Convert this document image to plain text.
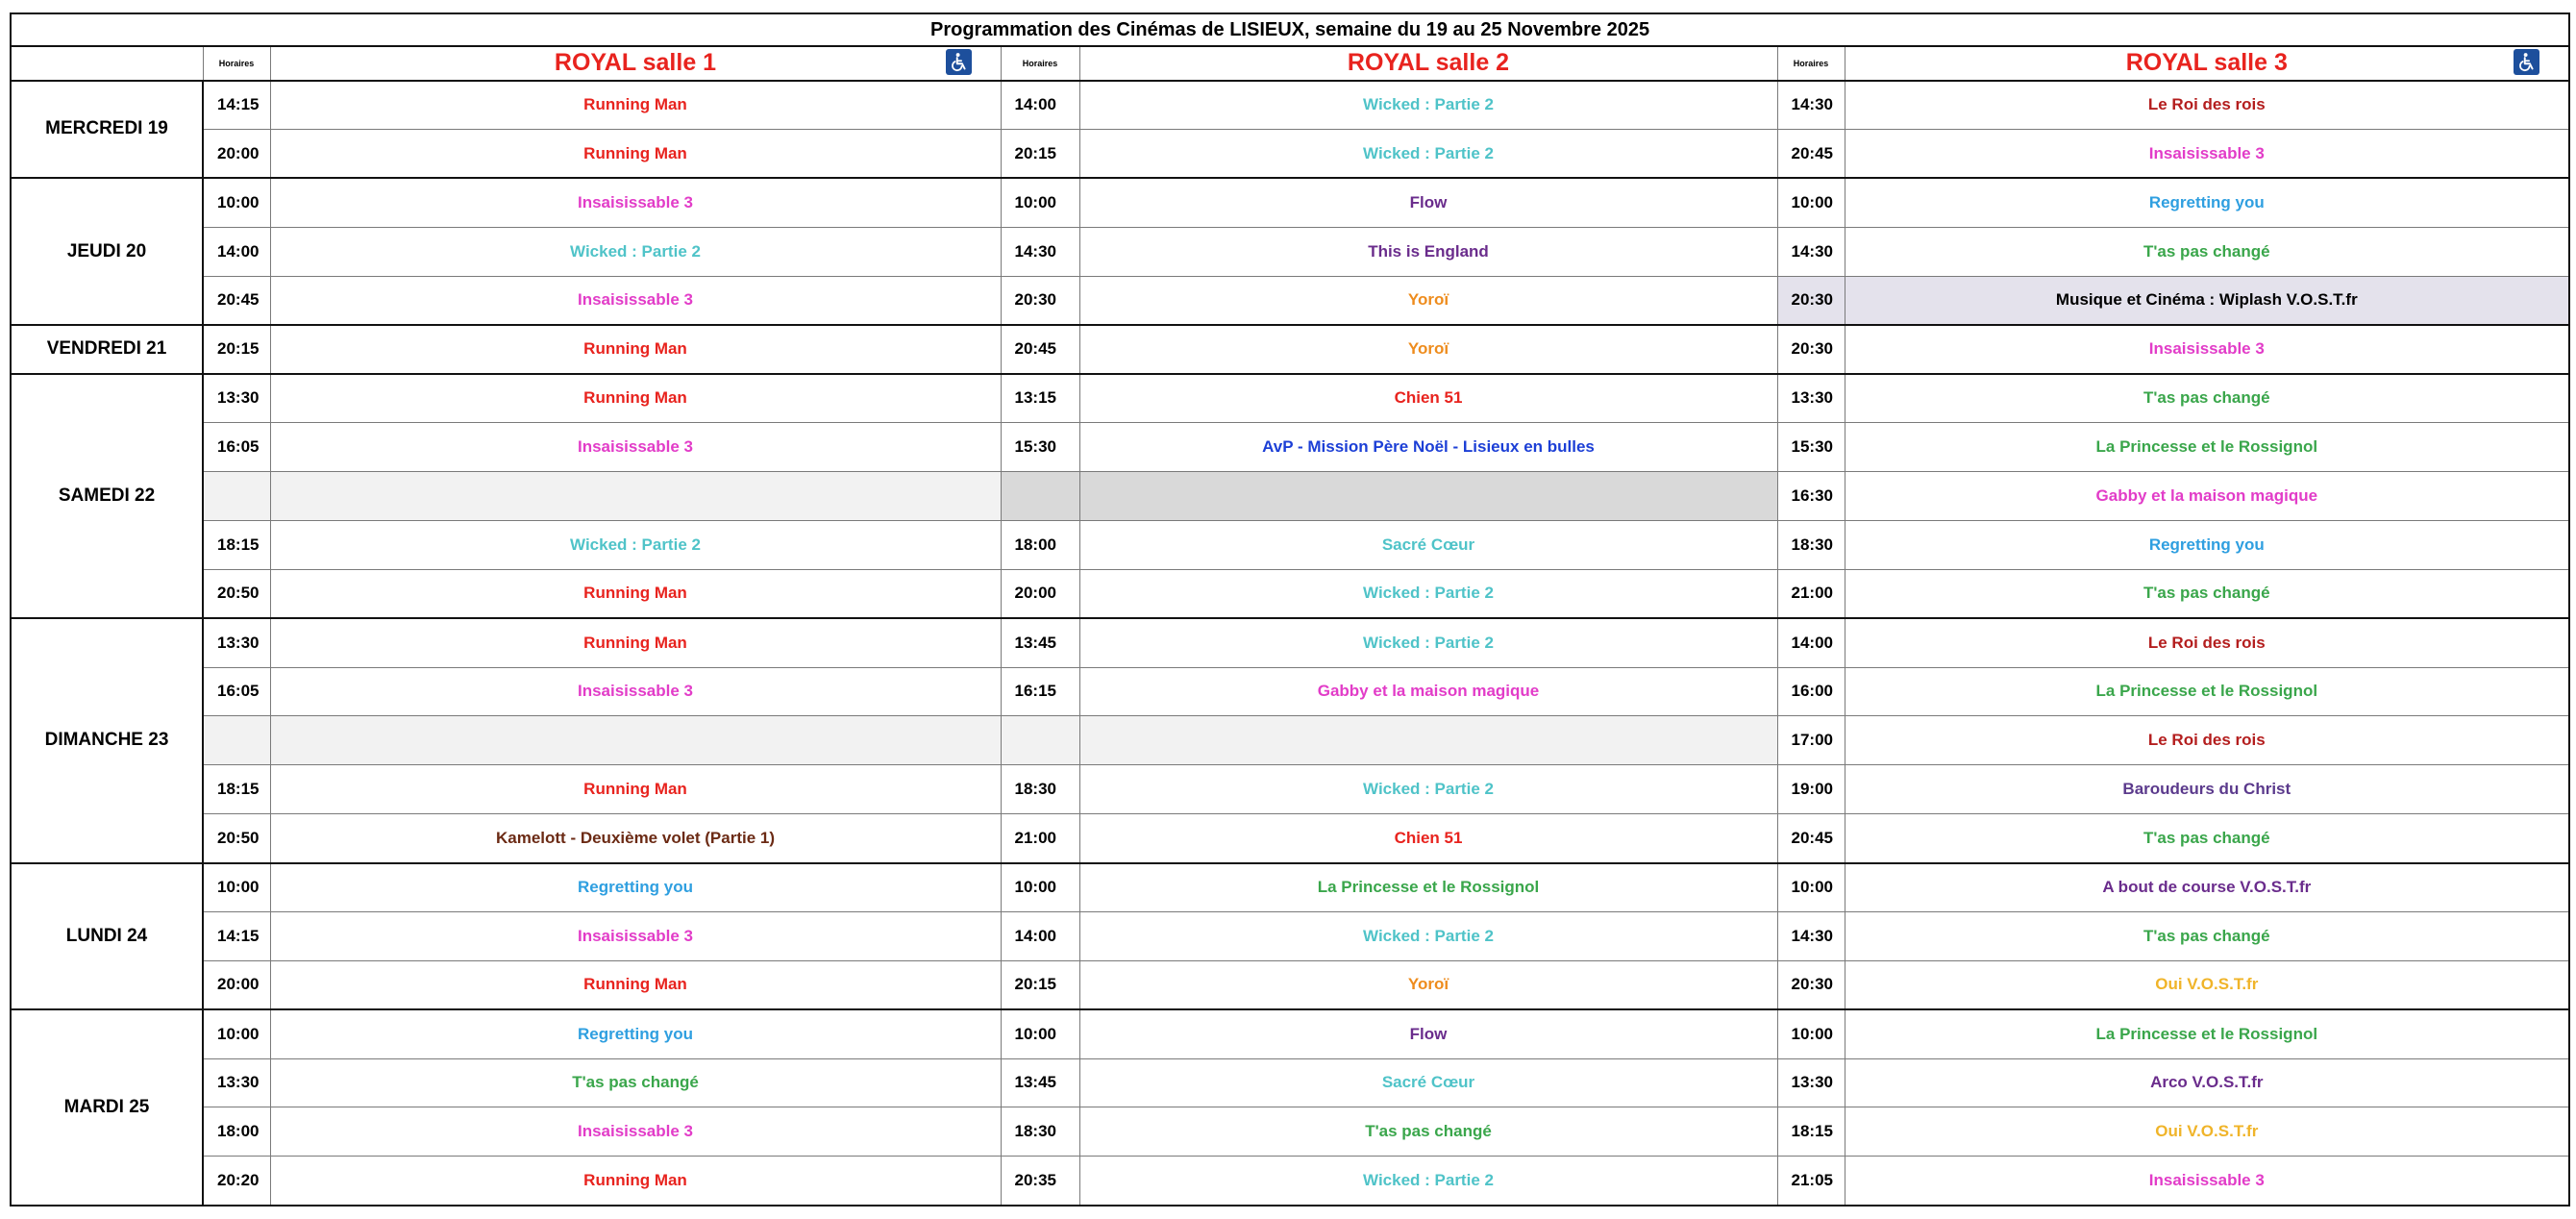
Programmation des Cinémas de LISIEUX, semaine du 19 au 25 Novembre 2025						
	Horaires	ROYAL salle 1	Horaires	ROYAL salle 2	Horaires	ROYAL salle 3

MERCREDI 19	14:15	Running Man	14:00	Wicked : Partie 2	14:30	Le Roi des rois
	20:00	Running Man	20:15	Wicked : Partie 2	20:45	Insaisissable 3
JEUDI 20	10:00	Insaisissable 3	10:00	Flow	10:00	Regretting you
	14:00	Wicked : Partie 2	14:30	This is England	14:30	T'as pas changé
	20:45	Insaisissable 3	20:30	Yoroï	20:30	Musique et Cinéma : Wiplash V.O.S.T.fr
VENDREDI 21	20:15	Running Man	20:45	Yoroï	20:30	Insaisissable 3
SAMEDI 22	13:30	Running Man	13:15	Chien 51	13:30	T'as pas changé
	16:05	Insaisissable 3	15:30	AvP - Mission Père Noël - Lisieux en bulles	15:30	La Princesse et le Rossignol
					16:30	Gabby et la maison magique
	18:15	Wicked : Partie 2	18:00	Sacré Cœur	18:30	Regretting you
	20:50	Running Man	20:00	Wicked : Partie 2	21:00	T'as pas changé
DIMANCHE 23	13:30	Running Man	13:45	Wicked : Partie 2	14:00	Le Roi des rois
	16:05	Insaisissable 3	16:15	Gabby et la maison magique	16:00	La Princesse et le Rossignol
					17:00	Le Roi des rois
	18:15	Running Man	18:30	Wicked : Partie 2	19:00	Baroudeurs du Christ
	20:50	Kamelott - Deuxième volet (Partie 1)	21:00	Chien 51	20:45	T'as pas changé
LUNDI 24	10:00	Regretting you	10:00	La Princesse et le Rossignol	10:00	A bout de course V.O.S.T.fr
	14:15	Insaisissable 3	14:00	Wicked : Partie 2	14:30	T'as pas changé
	20:00	Running Man	20:15	Yoroï	20:30	Oui V.O.S.T.fr
MARDI 25	10:00	Regretting you	10:00	Flow	10:00	La Princesse et le Rossignol
	13:30	T'as pas changé	13:45	Sacré Cœur	13:30	Arco V.O.S.T.fr
	18:00	Insaisissable 3	18:30	T'as pas changé	18:15	Oui V.O.S.T.fr
	20:20	Running Man	20:35	Wicked : Partie 2	21:05	Insaisissable 3
